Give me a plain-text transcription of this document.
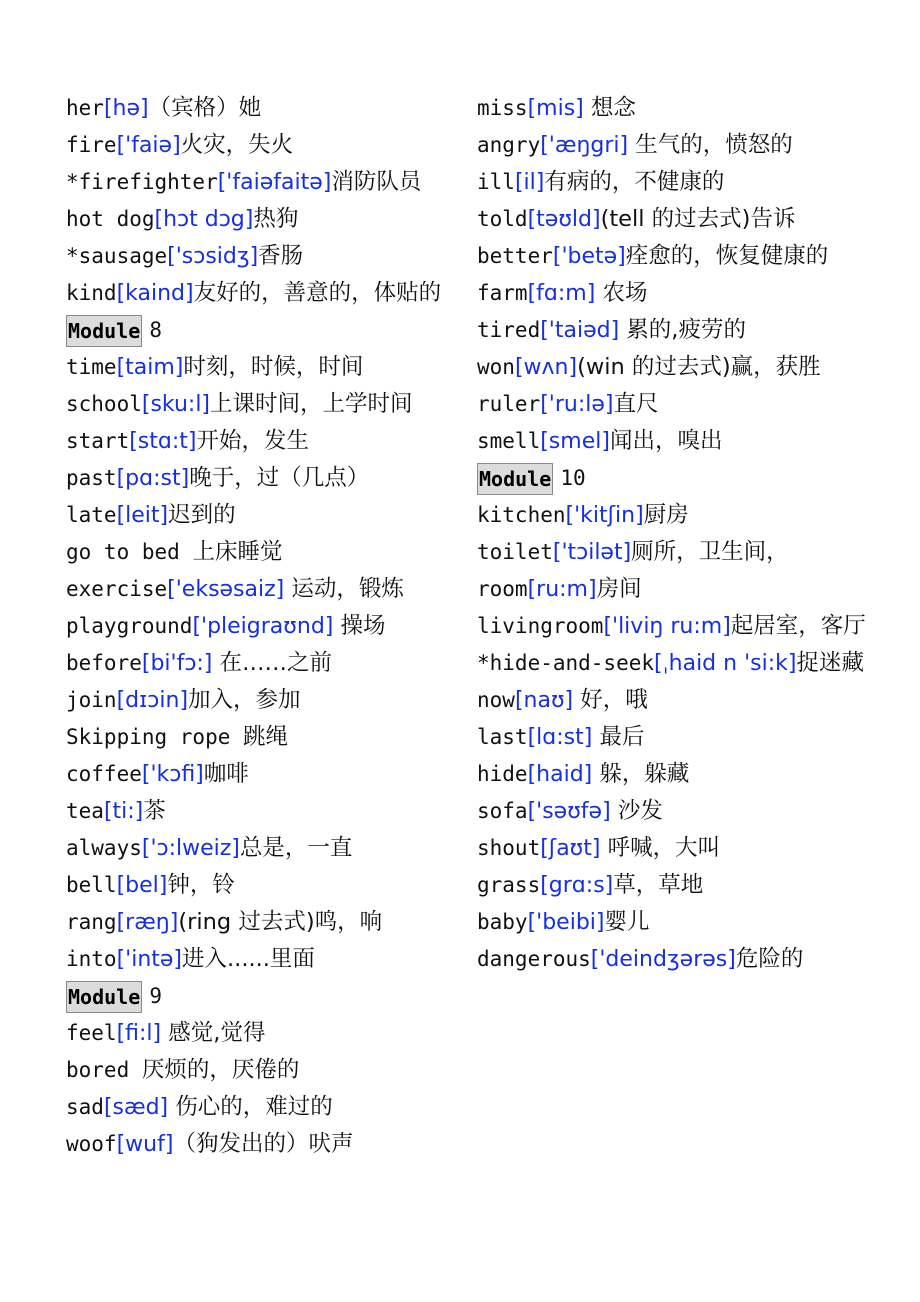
her[hə]（宾格）她
fire['faiə]火灾，失火
*firefighter['faiəfaitə]消防队员
hot dog[hɔt dɔg]热狗
*sausage['sɔsidʒ]香肠
kind[kaind]友好的，善意的，体贴的
Module 8
time[taim]时刻，时候，时间
school[sku:l]上课时间，上学时间
start[stɑ:t]开始，发生
past[pɑ:st]晚于，过（几点）
late[leit]迟到的
go to bed 上床睡觉
exercise['eksəsaiz] 运动，锻炼
playground['pleigraʊnd] 操场
before[bi'fɔ:] 在……之前
join[dɪɔin]加入，参加
Skipping rope 跳绳
coffee['kɔfi]咖啡
tea[ti:]茶
always['ɔ:lweiz]总是，一直
bell[bel]钟，铃
rang[ræŋ](ring 过去式)鸣，响
into['intə]进入......里面
Module 9
feel[fi:l] 感觉,觉得
bored 厌烦的，厌倦的
sad[sæd] 伤心的，难过的
woof[wuf]（狗发出的）吠声
miss[mis] 想念
angry['æŋgri] 生气的，愤怒的
ill[il]有病的，不健康的
told[təʊld](tell 的过去式)告诉
better['betə]痊愈的，恢复健康的
farm[fɑ:m] 农场
tired['taiəd] 累的,疲劳的
won[wʌn](win 的过去式)赢，获胜
ruler['ru:lə]直尺
smell[smel]闻出，嗅出
Module 10
kitchen['kitʃin]厨房
toilet['tɔilət]厕所，卫生间，
room[ru:m]房间
livingroom['liviŋ ru:m]起居室，客厅
*hide-and-seek[ˌhaid n 'si:k]捉迷藏
now[naʊ] 好，哦
last[lɑ:st] 最后
hide[haid] 躲，躲藏
sofa['səʊfə] 沙发
shout[ʃaʊt] 呼喊，大叫
grass[grɑ:s]草，草地
baby['beibi]婴儿
dangerous['deindʒərəs]危险的
